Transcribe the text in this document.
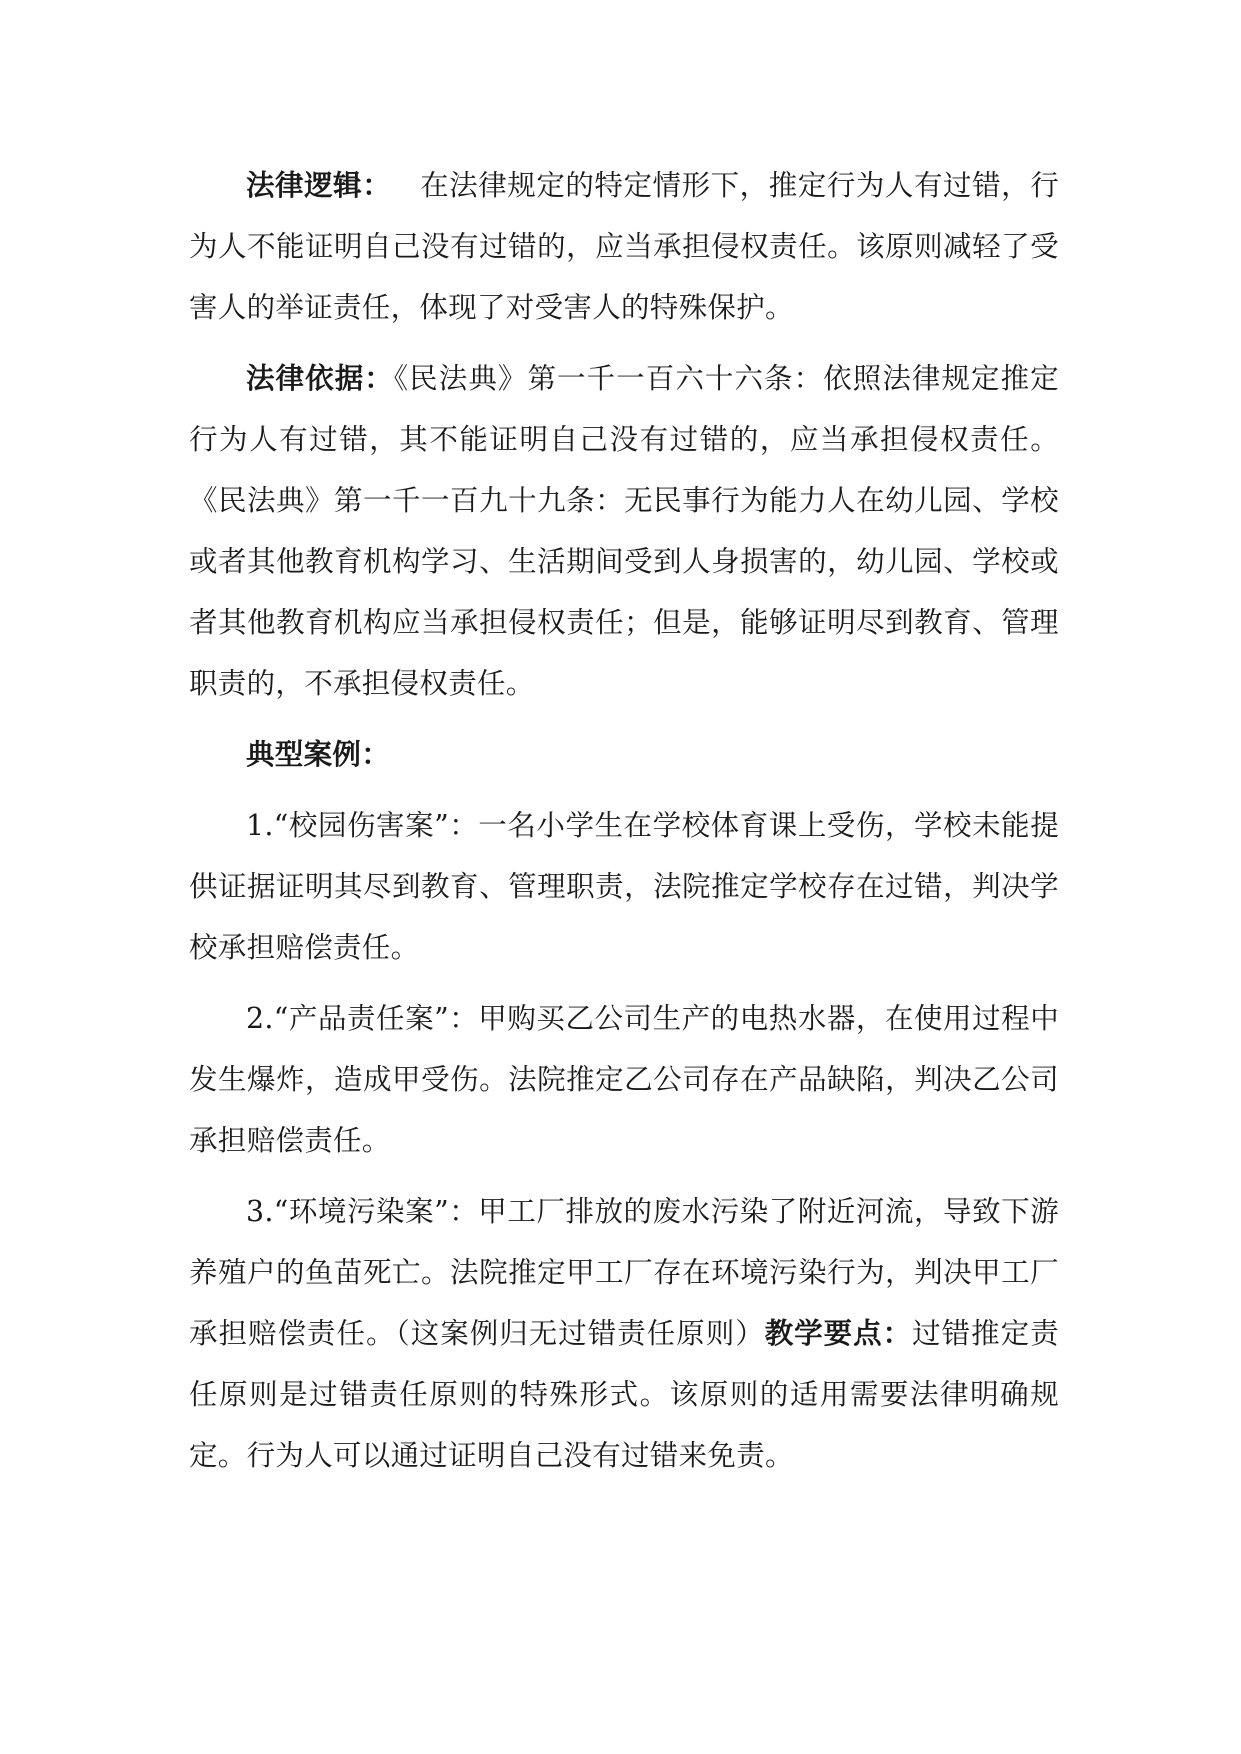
法律逻辑： 在法律规定的特定情形下，推定行为人有过错，行为人不能证明自己没有过错的，应当承担侵权责任。该原则减轻了受害人的举证责任，体现了对受害人的特殊保护。

法律依据：《民法典》第一千一百六十六条：依照法律规定推定行为人有过错，其不能证明自己没有过错的，应当承担侵权责任。《民法典》第一千一百九十九条：无民事行为能力人在幼儿园、学校或者其他教育机构学习、生活期间受到人身损害的，幼儿园、学校或者其他教育机构应当承担侵权责任；但是，能够证明尽到教育、管理职责的，不承担侵权责任。

典型案例：

1.“校园伤害案”：一名小学生在学校体育课上受伤，学校未能提供证据证明其尽到教育、管理职责，法院推定学校存在过错，判决学校承担赔偿责任。

2.“产品责任案”：甲购买乙公司生产的电热水器，在使用过程中发生爆炸，造成甲受伤。法院推定乙公司存在产品缺陷，判决乙公司承担赔偿责任。

3.“环境污染案”：甲工厂排放的废水污染了附近河流，导致下游养殖户的鱼苗死亡。法院推定甲工厂存在环境污染行为，判决甲工厂承担赔偿责任。（这案例归无过错责任原则）教学要点：过错推定责任原则是过错责任原则的特殊形式。该原则的适用需要法律明确规定。行为人可以通过证明自己没有过错来免责。
